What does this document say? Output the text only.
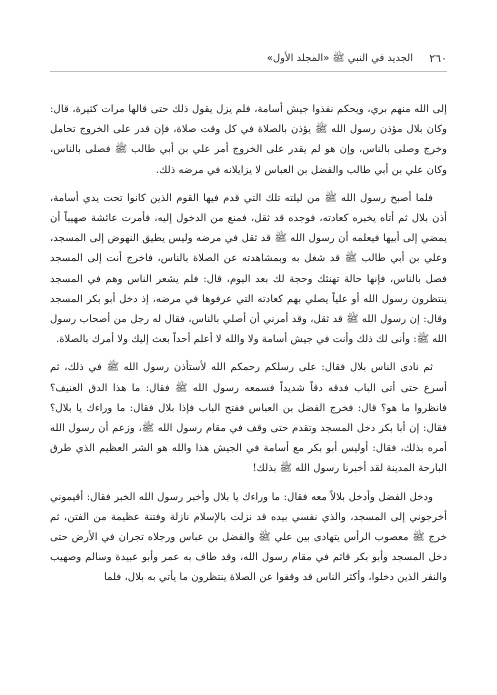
٢٦٠
الجديد في النبي ﷺ «المجلد الأول»

إلى الله منهم بري، ويحكم نفذوا جيش أسامة، فلم يزل يقول ذلك حتى قالها مرات كثيرة، قال: وكان بلال مؤذن رسول الله ﷺ يؤذن بالصلاة في كل وقت صلاة، فإن قدر على الخروج تحامل وخرج وصلى بالناس، وإن هو لم يقدر على الخروج أمر علي بن أبي طالب ﷺ فصلى بالناس، وكان علي بن أبي طالب والفضل بن العباس لا يزايلانه في مرضه ذلك.

فلما أصبح رسول الله ﷺ من ليلته تلك التي قدم فيها القوم الذين كانوا تحت يدي أسامة، أذن بلال ثم أتاه يخبره كعادته، فوجده قد ثقل، فمنع من الدخول إليه، فأمرت عائشة صهيباً أن يمضي إلى أبيها فيعلمه أن رسول الله ﷺ قد ثقل في مرضه وليس يطيق النهوض إلى المسجد، وعلي بن أبي طالب ﷺ قد شغل به وبمشاهدته عن الصلاة بالناس، فاخرج أنت إلى المسجد فصل بالناس، فإنها حالة تهنئك وحجة لك بعد اليوم، قال: فلم يشعر الناس وهم في المسجد ينتظرون رسول الله أو علياً يصلي بهم كعادته التي عرفوها في مرضه، إذ دخل أبو بكر المسجد وقال: إن رسول الله ﷺ قد ثقل، وقد أمرني أن أصلي بالناس، فقال له رجل من أصحاب رسول الله ﷺ: وأنى لك ذلك وأنت في جيش أسامة ولا والله لا أعلم أحداً بعث إليك ولا أمرك بالصلاة.

ثم نادى الناس بلال فقال: على رسلكم رحمكم الله لأستأذن رسول الله ﷺ في ذلك، ثم أسرع حتى أتى الباب فدقه دقاً شديداً فسمعه رسول الله ﷺ فقال: ما هذا الدق العنيف؟ فانظروا ما هو؟ قال: فخرج الفضل بن العباس ففتح الباب فإذا بلال فقال: ما وراءك يا بلال؟ فقال: إن أبا بكر دخل المسجد وتقدم حتى وقف في مقام رسول الله ﷺ، وزعم أن رسول الله أمره بذلك، فقال: أوليس أبو بكر مع أسامة في الجيش هذا والله هو الشر العظيم الذي طرق البارحة المدينة لقد أخبرنا رسول الله ﷺ بذلك!

ودخل الفضل وأدخل بلالاً معه فقال: ما وراءك يا بلال وأخبر رسول الله الخبر فقال: أقيموني أخرجوني إلى المسجد، والذي نفسي بيده قد نزلت بالإسلام نازلة وفتنة عظيمة من الفتن، ثم خرج ﷺ معصوب الرأس يتهادى بين علي ﷺ والفضل بن عباس ورجلاه تجران في الأرض حتى دخل المسجد وأبو بكر قائم في مقام رسول الله، وقد طاف به عمر وأبو عبيدة وسالم وصهيب والنفر الذين دخلوا، وأكثر الناس قد وقفوا عن الصلاة ينتظرون ما يأتي به بلال، فلما
